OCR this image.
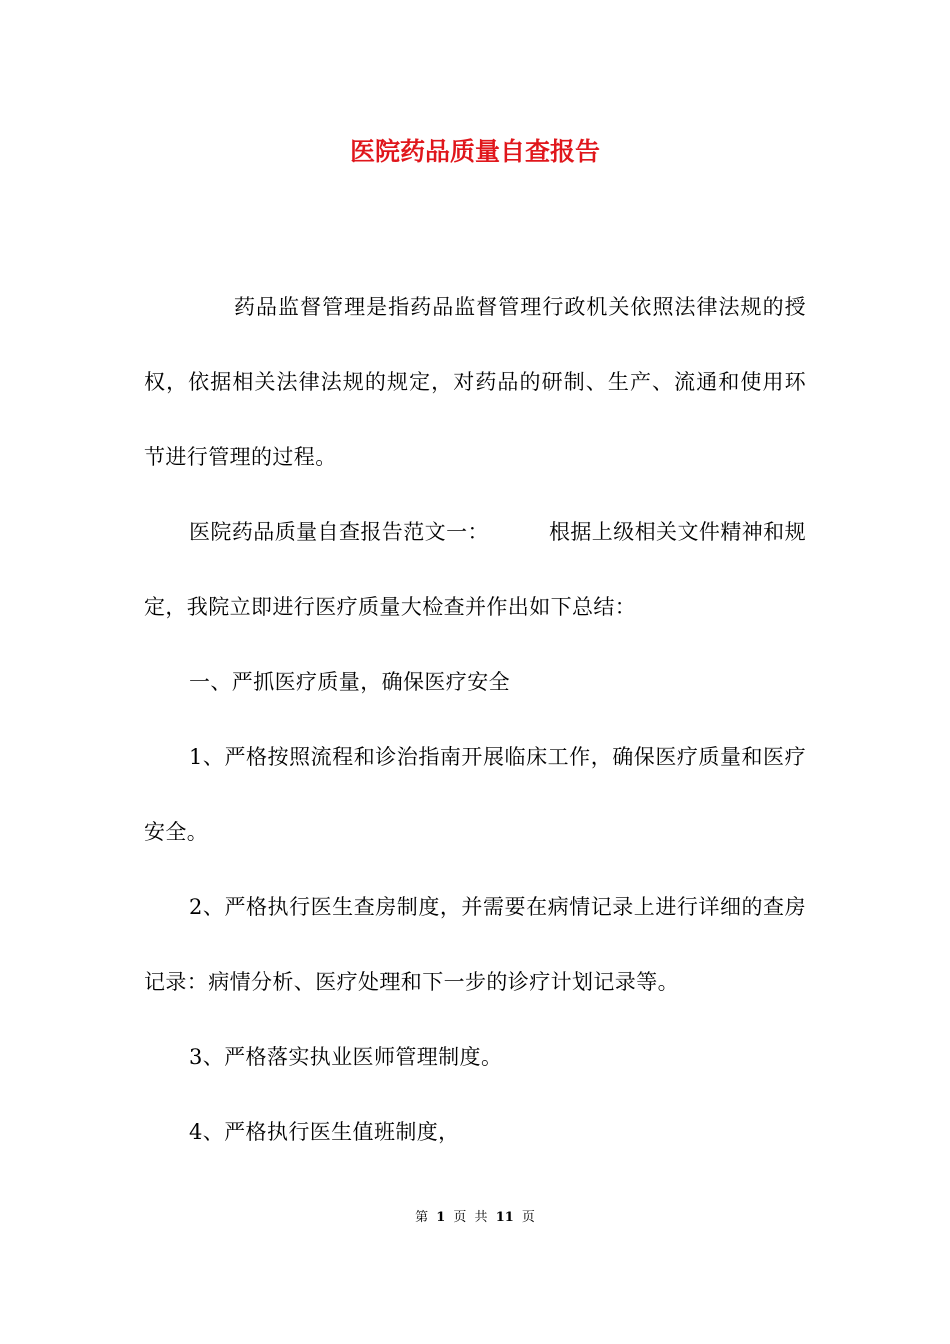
医院药品质量自查报告

药品监督管理是指药品监督管理行政机关依照法律法规的授权，依据相关法律法规的规定，对药品的研制、生产、流通和使用环节进行管理的过程。

医院药品质量自查报告范文一：	根据上级相关文件精神和规定，我院立即进行医疗质量大检查并作出如下总结：

一、严抓医疗质量，确保医疗安全

1、严格按照流程和诊治指南开展临床工作，确保医疗质量和医疗安全。

2、严格执行医生查房制度，并需要在病情记录上进行详细的查房记录：病情分析、医疗处理和下一步的诊疗计划记录等。

3、严格落实执业医师管理制度。

4、严格执行医生值班制度，

第 1 页 共 11 页
